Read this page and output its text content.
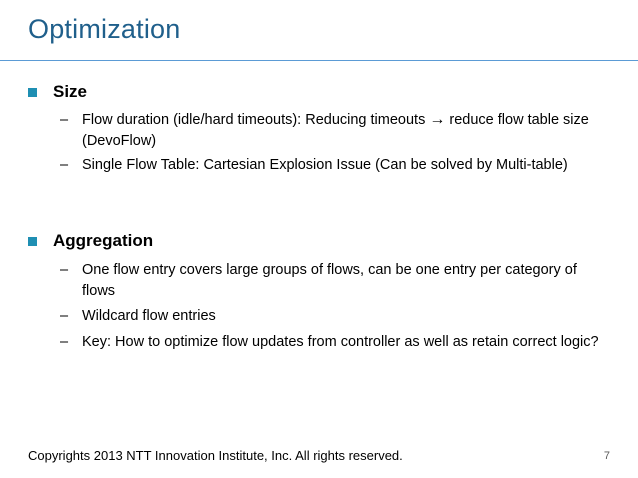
Optimization
Size
– Flow duration (idle/hard timeouts): Reducing timeouts → reduce flow table size (DevoFlow)
– Single Flow Table: Cartesian Explosion Issue (Can be solved by Multi-table)
Aggregation
– One flow entry covers large groups of flows, can be one entry per category of flows
– Wildcard flow entries
– Key: How to optimize flow updates from controller as well as retain correct logic?
Copyrights 2013 NTT Innovation Institute, Inc. All rights reserved.	7
